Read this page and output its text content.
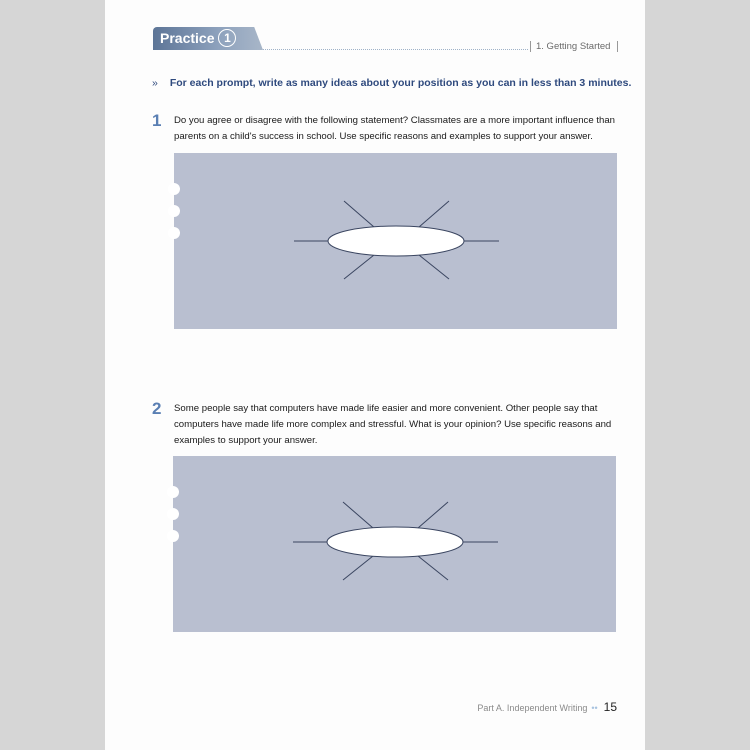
Practice 1
1. Getting Started
» For each prompt, write as many ideas about your position as you can in less than 3 minutes.
1 Do you agree or disagree with the following statement? Classmates are a more important influence than parents on a child's success in school. Use specific reasons and examples to support your answer.
2 Some people say that computers have made life easier and more convenient. Other people say that computers have made life more complex and stressful. What is your opinion? Use specific reasons and examples to support your answer.
Part A. Independent Writing •• 15
